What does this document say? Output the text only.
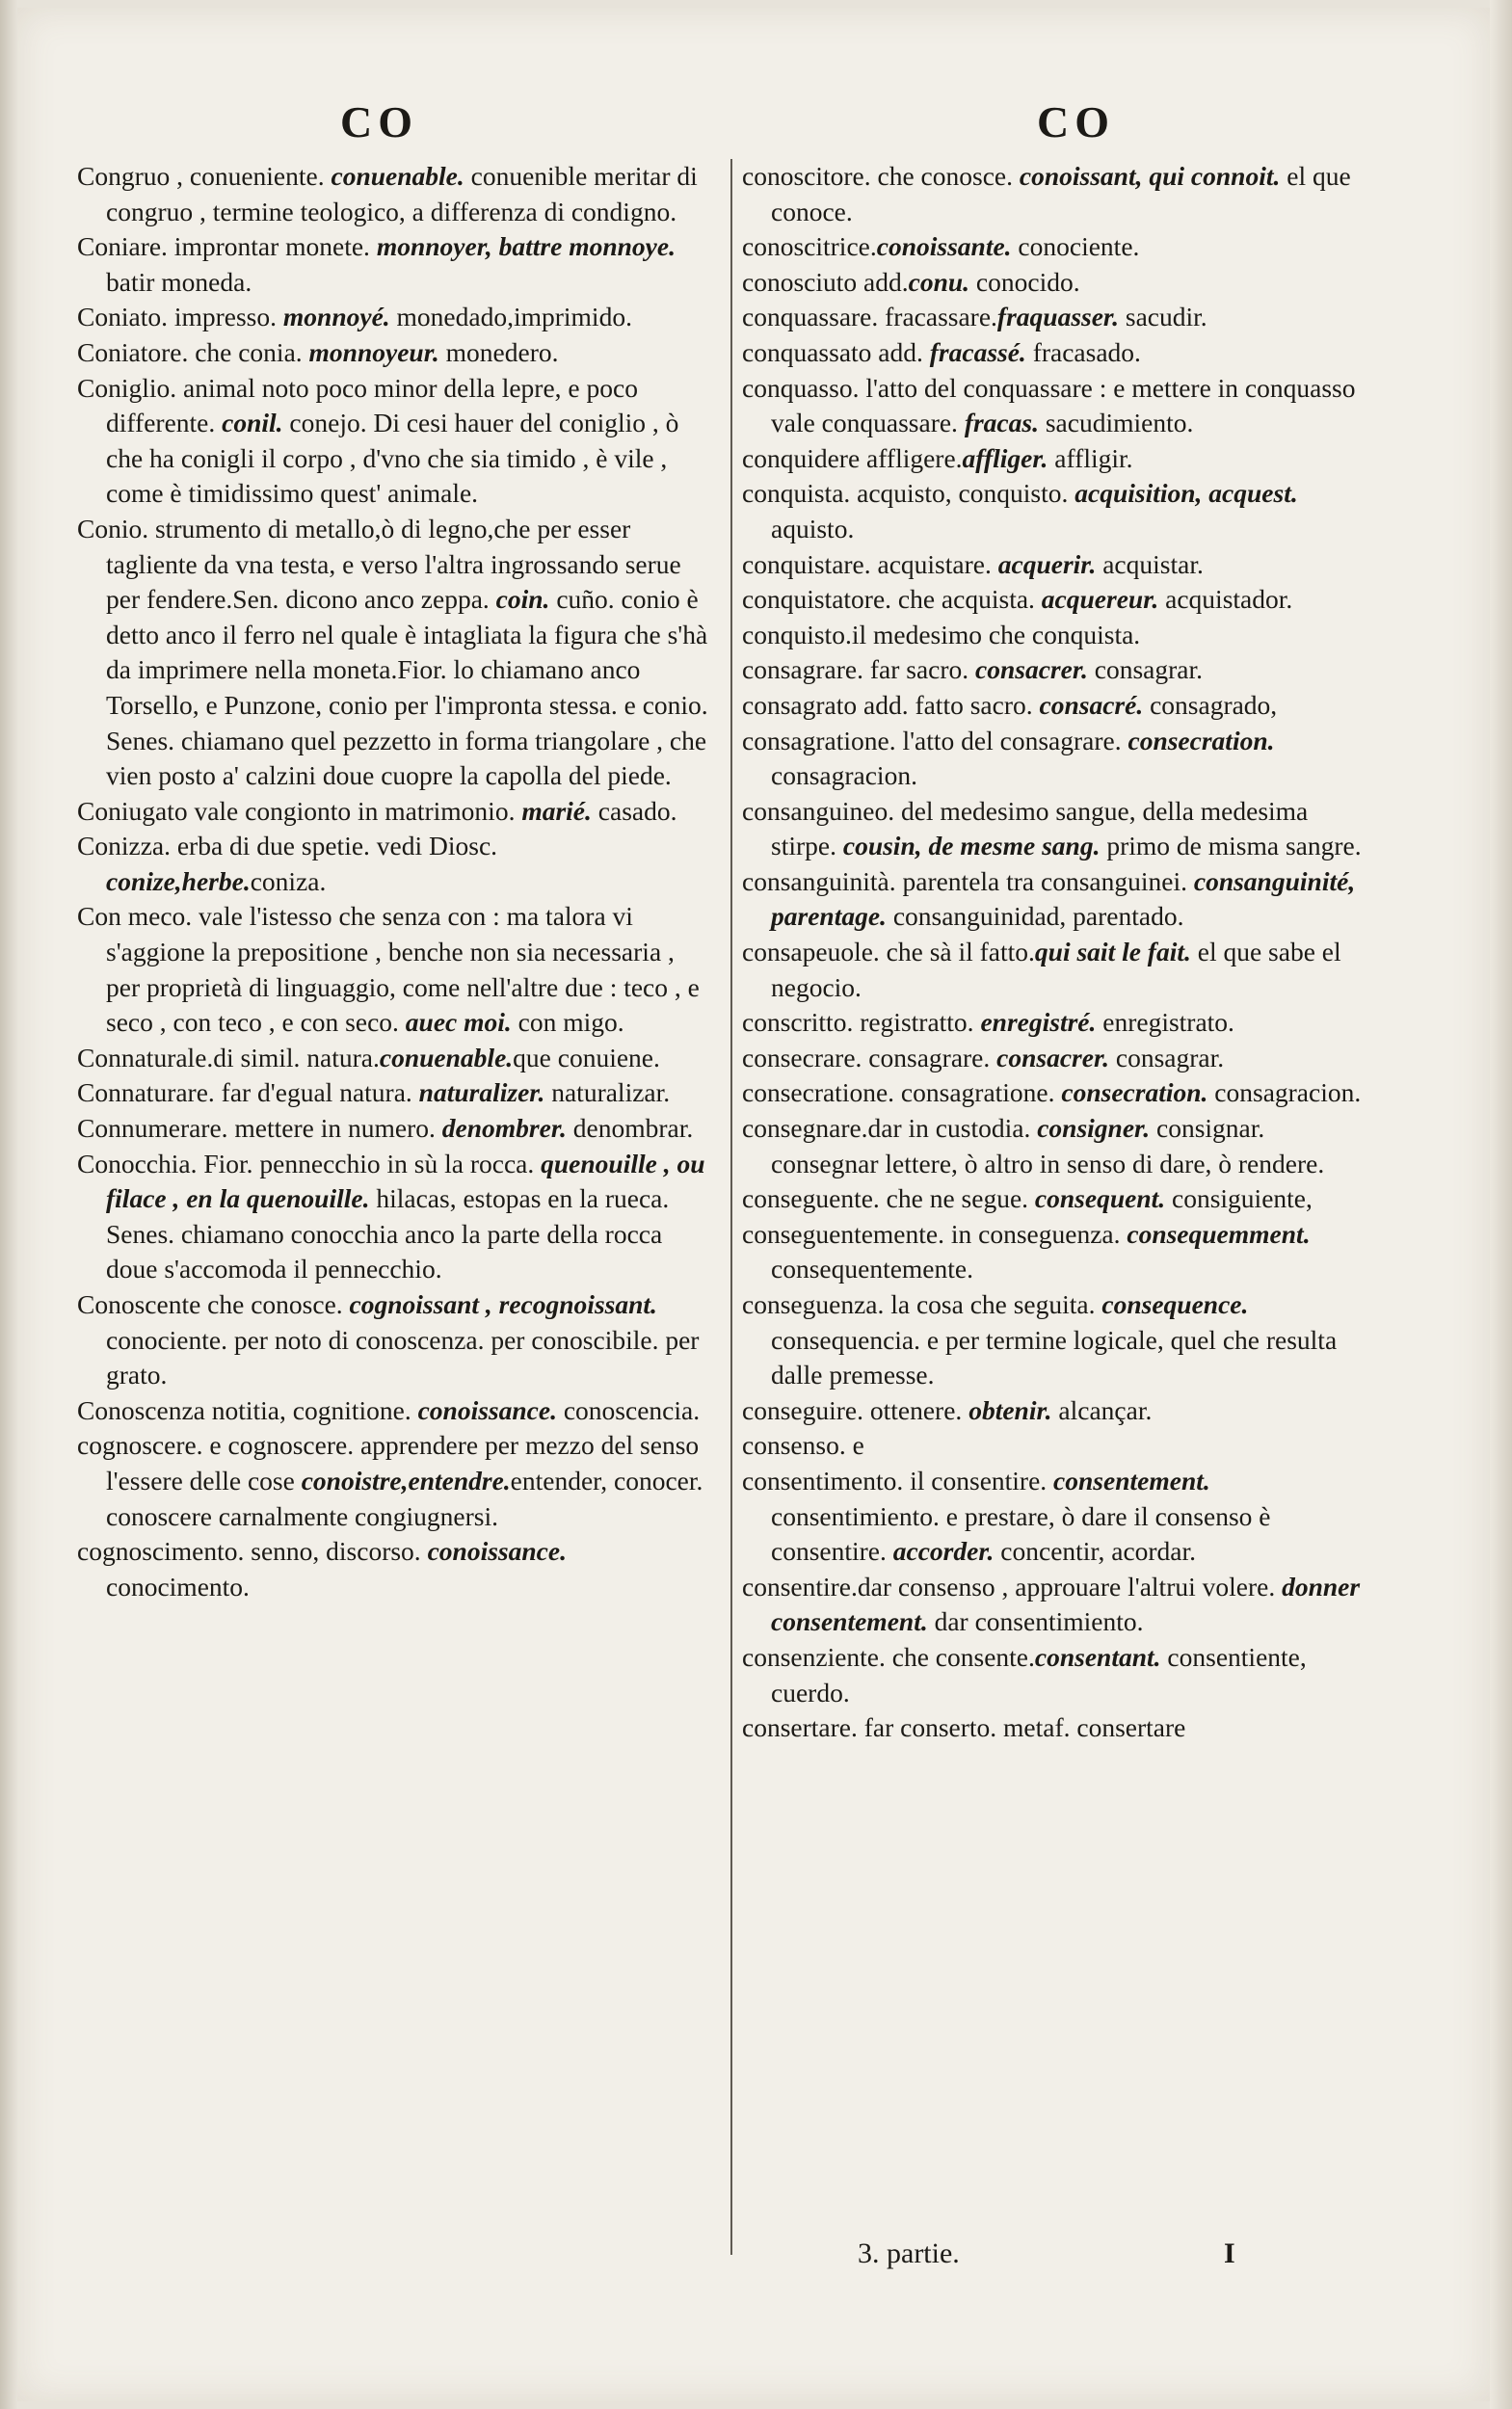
CO	CO

Congruo , conueniente. conuenable. conuenible meritar di congruo , termine teologico, a differenza di condigno.

Coniare. improntar monete. monnoyer, battre monnoye. batir moneda.

Coniato. impresso. monnoyé. monedado,imprimido.

Coniatore. che conia. monnoyeur. monedero.

Coniglio. animal noto poco minor della lepre, e poco differente. conil. conejo. Di cesi hauer del coniglio , ò che ha conigli il corpo , d'vno che sia timido , è vile , come è timidissimo quest' animale.

Conio. strumento di metallo,ò di legno,che per esser tagliente da vna testa, e verso l'altra ingrossando serue per fendere.Sen. dicono anco zeppa. coin. cuño. conio è detto anco il ferro nel quale è intagliata la figura che s'hà da imprimere nella moneta.Fior. lo chiamano anco Torsello, e Punzone, conio per l'impronta stessa. e conio. Senes. chiamano quel pezzetto in forma triangolare , che vien posto a' calzini doue cuopre la capolla del piede.

Coniugato vale congionto in matrimonio. marié. casado.

Conizza. erba di due spetie. vedi Diosc. conize,herbe.coniza.

Con meco. vale l'istesso che senza con : ma talora vi s'aggione la prepositione , benche non sia necessaria , per proprietà di linguaggio, come nell'altre due : teco , e seco , con teco , e con seco. auec moi. con migo.

Connaturale.di simil. natura.conuenable.que conuiene.

Connaturare. far d'egual natura. naturalizer. naturalizar.

Connumerare. mettere in numero. denombrer. denombrar.

Conocchia. Fior. pennecchio in sù la rocca. quenouille , ou filace , en la quenouille. hilacas, estopas en la rueca. Senes. chiamano conocchia anco la parte della rocca doue s'accomoda il pennecchio.

Conoscente che conosce. cognoissant , recognoissant. conociente. per noto di conoscenza. per conoscibile. per grato.

Conoscenza notitia, cognitione. conoissance. conoscencia.

cognoscere. e cognoscere. apprendere per mezzo del senso l'essere delle cose conoistre,entendre.entender, conocer. conoscere carnalmente congiugnersi.

cognoscimento. senno, discorso. conoissance. conocimento.

conoscitore. che conosce. conoissant, qui connoit. el que conoce.

conoscitrice.conoissante. conociente.

conosciuto add.conu. conocido.

conquassare. fracassare.fraquasser. sacudir.

conquassato add. fracassé. fracasado.

conquasso. l'atto del conquassare : e mettere in conquasso vale conquassare. fracas. sacudimiento.

conquidere affligere.affliger. affligir.

conquista. acquisto, conquisto. acquisition, acquest. aquisto.

conquistare. acquistare. acquerir. acquistar.

conquistatore. che acquista. acquereur. acquistador.

conquisto.il medesimo che conquista.

consagrare. far sacro. consacrer. consagrar.

consagrato add. fatto sacro. consacré. consagrado,

consagratione. l'atto del consagrare. consecration. consagracion.

consanguineo. del medesimo sangue, della medesima stirpe. cousin, de mesme sang. primo de misma sangre.

consanguinità. parentela tra consanguinei. consanguinité, parentage. consanguinidad, parentado.

consapeuole. che sà il fatto.qui sait le fait. el que sabe el negocio.

conscritto. registratto. enregistré. enregistrato.

consecrare. consagrare. consacrer. consagrar.

consecratione. consagratione. consecration. consagracion.

consegnare.dar in custodia. consigner. consignar. consegnar lettere, ò altro in senso di dare, ò rendere.

conseguente. che ne segue. consequent. consiguiente,

conseguentemente. in conseguenza. consequemment. consequentemente.

conseguenza. la cosa che seguita. consequence. consequencia. e per termine logicale, quel che resulta dalle premesse.

conseguire. ottenere. obtenir. alcançar.

consenso. e

consentimento. il consentire. consentement. consentimiento. e prestare, ò dare il consenso è consentire. accorder. concentir, acordar.

consentire.dar consenso , approuare l'altrui volere. donner consentement. dar consentimiento.

consenziente. che consente.consentant. consentiente, cuerdo.

consertare. far conserto. metaf. consertare

3. partie.	I
